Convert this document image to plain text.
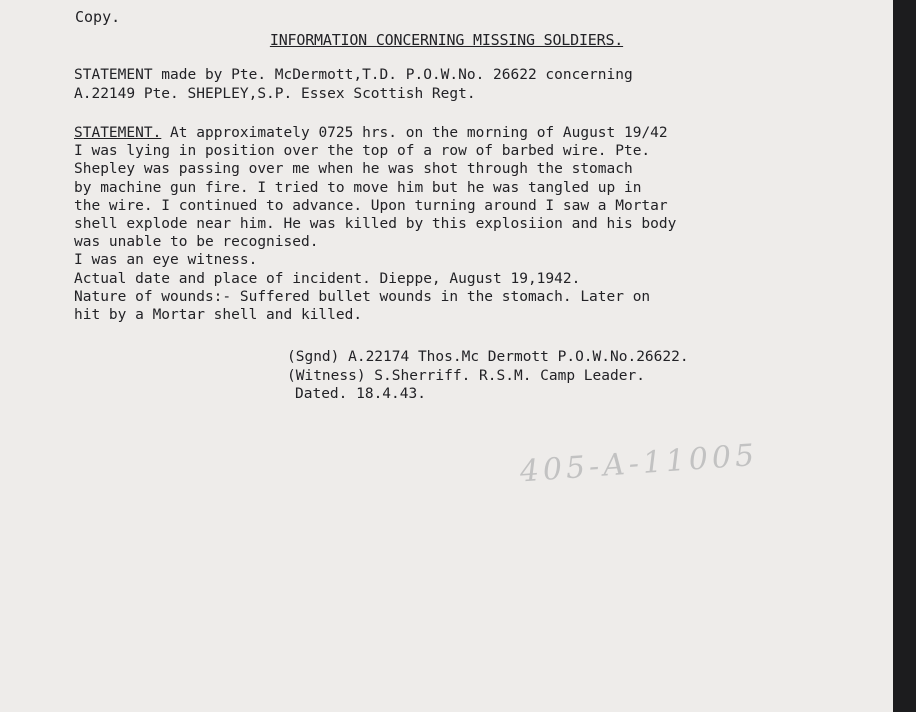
Copy.
INFORMATION CONCERNING MISSING SOLDIERS.
STATEMENT made by Pte. McDermott,T.D. P.O.W.No. 26622 concerning
A.22149 Pte. SHEPLEY,S.P. Essex Scottish Regt.
STATEMENT. At approximately 0725 hrs. on the morning of August 19/42
I was lying in position over the top of a row of barbed wire. Pte.
Shepley was passing over me when he was shot through the stomach
by machine gun fire. I tried to move him but he was tangled up in
the wire. I continued to advance. Upon turning around I saw a Mortar
shell explode near him. He was killed by this explosiion and his body
was unable to be recognised.
I was an eye witness.
Actual date and place of incident. Dieppe, August 19,1942.
Nature of wounds:- Suffered bullet wounds in the stomach. Later on
hit by a Mortar shell and killed.
(Sgnd) A.22174 Thos.Mc Dermott P.O.W.No.26622.
(Witness) S.Sherriff. R.S.M. Camp Leader.
Dated. 18.4.43.
405-A-11005
